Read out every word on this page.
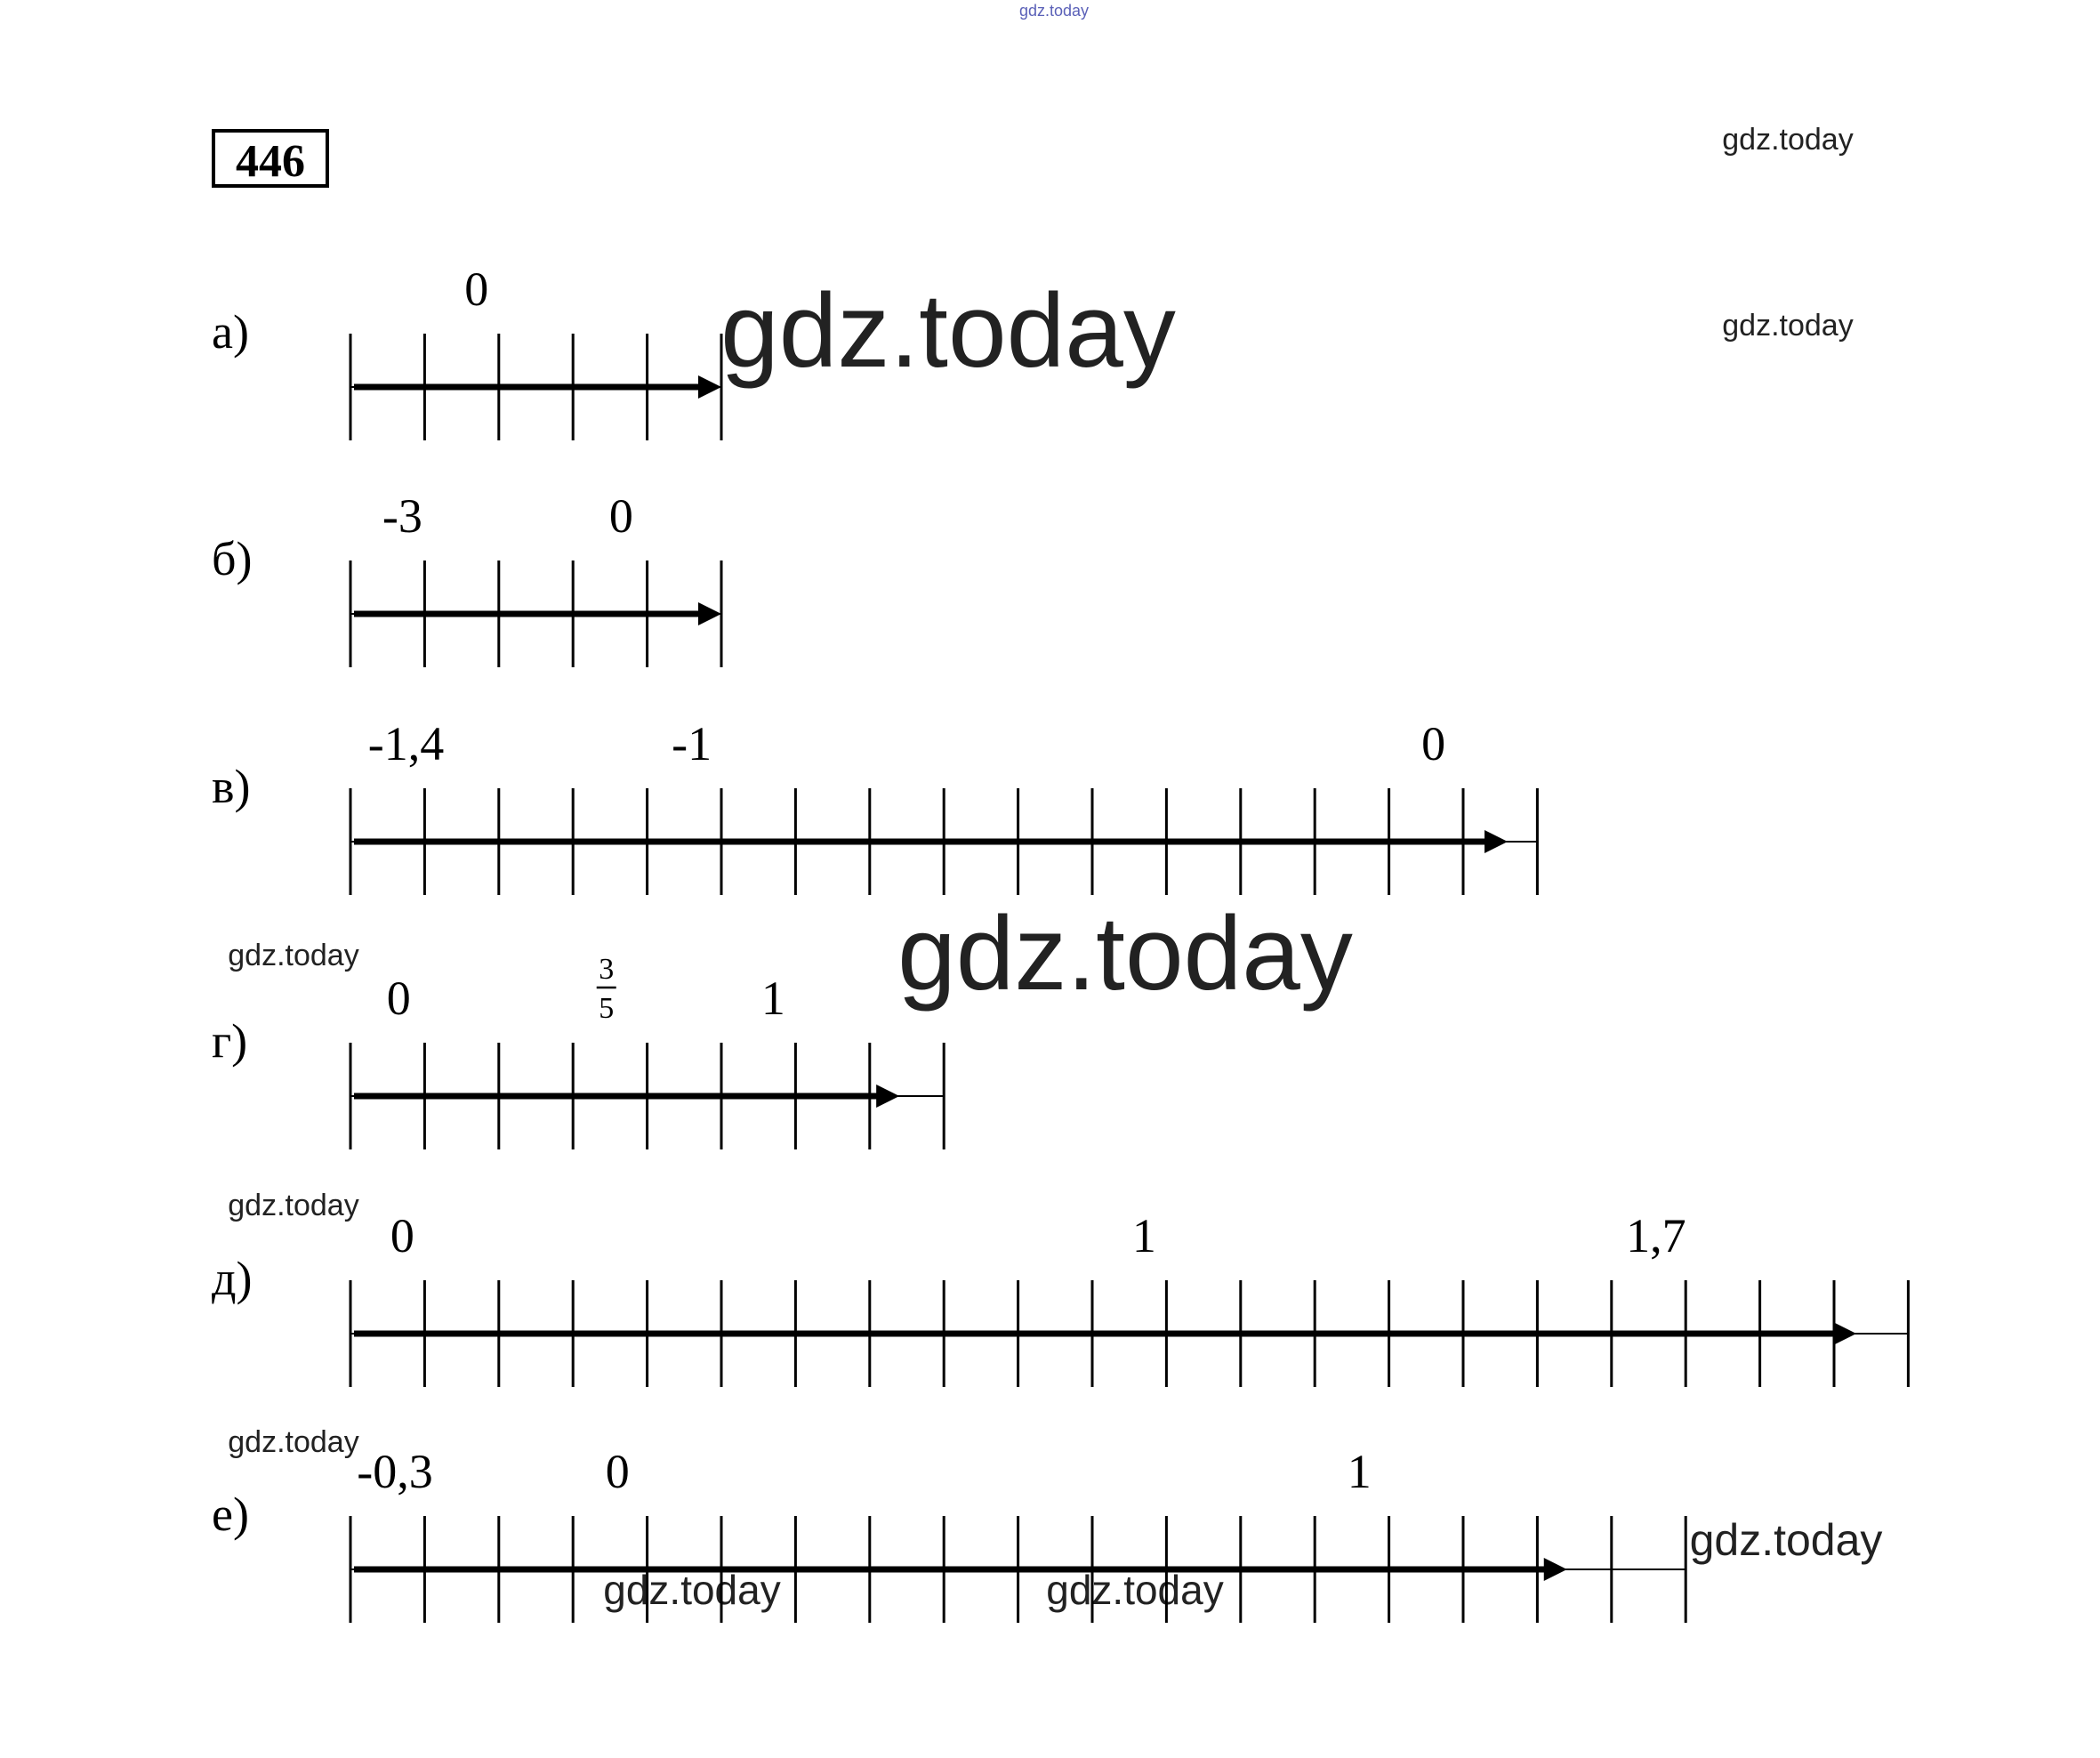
446
gdz.today
gdz.today
gdz.today
gdz.today
gdz.today
gdz.today
gdz.today
gdz.today
gdz.today	gdz.today
gdz.today
а)
0
б)
-3	0
в)
-1,4	-1	0
г)
0
3
5	1
д)
0	1	1,7
е)
-0,3	0	1
